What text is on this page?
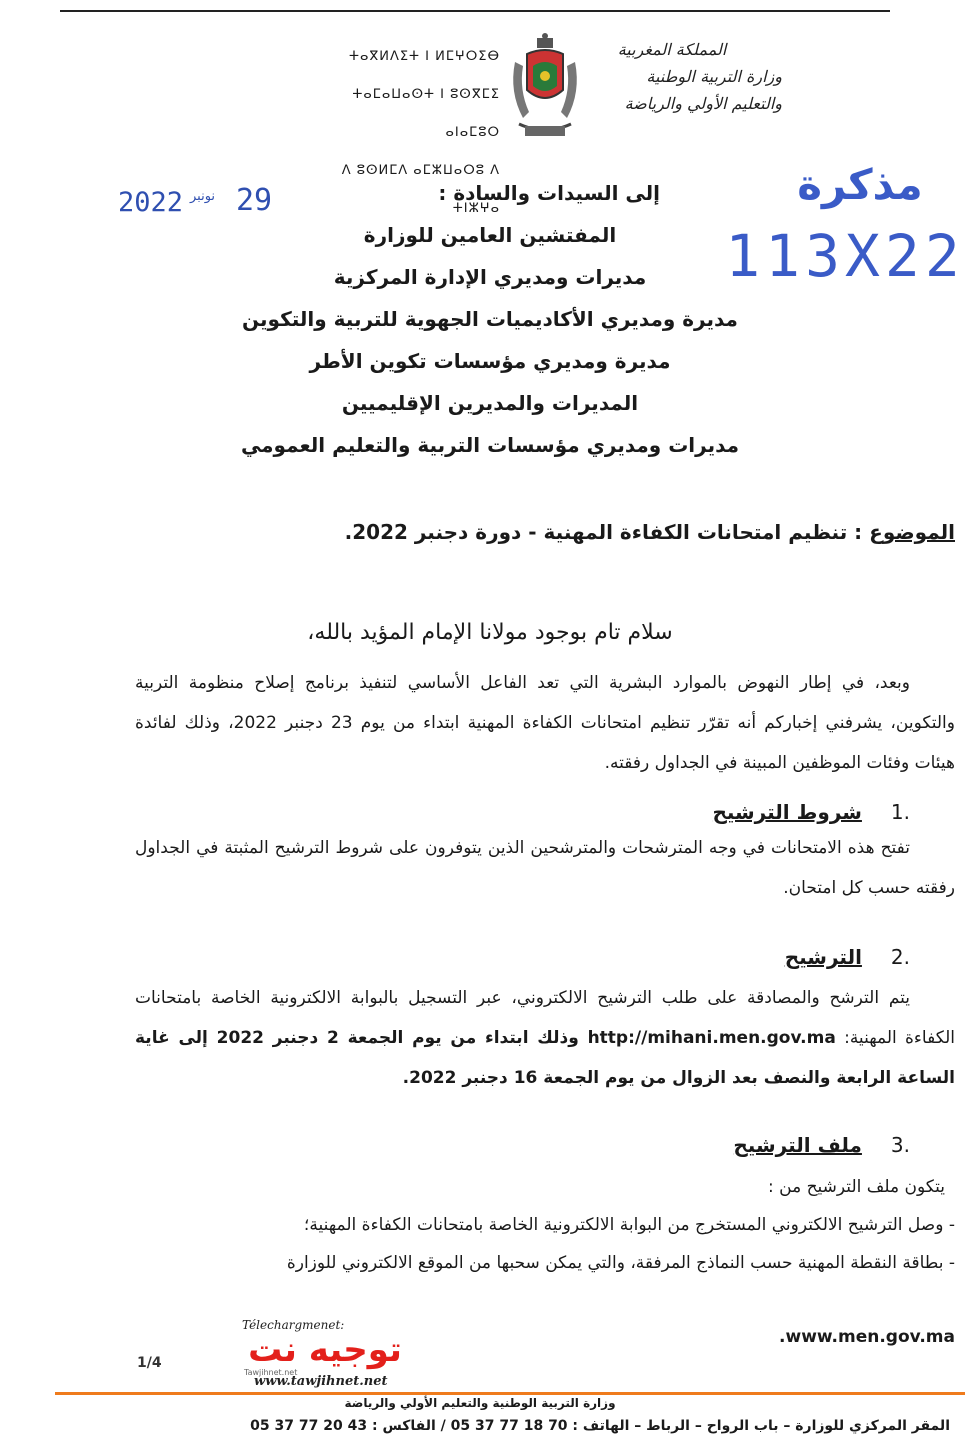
المملكة المغربية
وزارة التربية الوطنية
والتعليم الأولي والرياضة
ⵜⴰⴳⵍⴷⵉⵜ ⵏ ⵍⵎⵖⵔⵉⴱ
ⵜⴰⵎⴰⵡⴰⵙⵜ ⵏ ⵓⵙⴳⵎⵉ ⴰⵏⴰⵎⵓⵔ
ⴷ ⵓⵙⵍⵎⴷ ⴰⵎⵣⵡⴰⵔⵓ ⴷ ⵜⵏⵣⵖⴰ
2022 نونبر 29	مذكرة
113X22
إلى السيدات والسادة :
المفتشين العامين للوزارة
مديرات ومديري الإدارة المركزية
مديرة ومديري الأكاديميات الجهوية للتربية والتكوين
مديرة ومديري مؤسسات تكوين الأطر
المديرات والمديرين الإقليميين
مديرات ومديري مؤسسات التربية والتعليم العمومي
الموضوع : تنظيم امتحانات الكفاءة المهنية - دورة دجنبر 2022.
سلام تام بوجود مولانا الإمام المؤيد بالله،
وبعد، في إطار النهوض بالموارد البشرية التي تعد الفاعل الأساسي لتنفيذ برنامج إصلاح منظومة التربية والتكوين، يشرفني إخباركم أنه تقرّر تنظيم امتحانات الكفاءة المهنية ابتداء من يوم 23 دجنبر 2022، وذلك لفائدة هيئات وفئات الموظفين المبينة في الجداول رفقته.
.1 شروط الترشيح
تفتح هذه الامتحانات في وجه المترشحات والمترشحين الذين يتوفرون على شروط الترشيح المثبتة في الجداول رفقته حسب كل امتحان.
.2 الترشيح
يتم الترشح والمصادقة على طلب الترشيح الالكتروني، عبر التسجيل بالبوابة الالكترونية الخاصة بامتحانات الكفاءة المهنية: http://mihani.men.gov.ma وذلك ابتداء من يوم الجمعة 2 دجنبر 2022 إلى غاية الساعة الرابعة والنصف بعد الزوال من يوم الجمعة 16 دجنبر 2022.
.3 ملف الترشيح
يتكون ملف الترشيح من :
- وصل الترشيح الالكتروني المستخرج من البوابة الالكترونية الخاصة بامتحانات الكفاءة المهنية؛
- بطاقة النقطة المهنية حسب النماذج المرفقة، والتي يمكن سحبها من الموقع الالكتروني للوزارة
www.men.gov.ma.
Télechargmenet:
توجيه نت
Tawjihnet.net
www.tawjihnet.net
1/4
وزارة التربية الوطنية والتعليم الأولي والرياضة
المقر المركزي للوزارة – باب الرواح – الرباط – الهاتف : 70 18 77 37 05 / الفاكس : 43 20 77 37 05
